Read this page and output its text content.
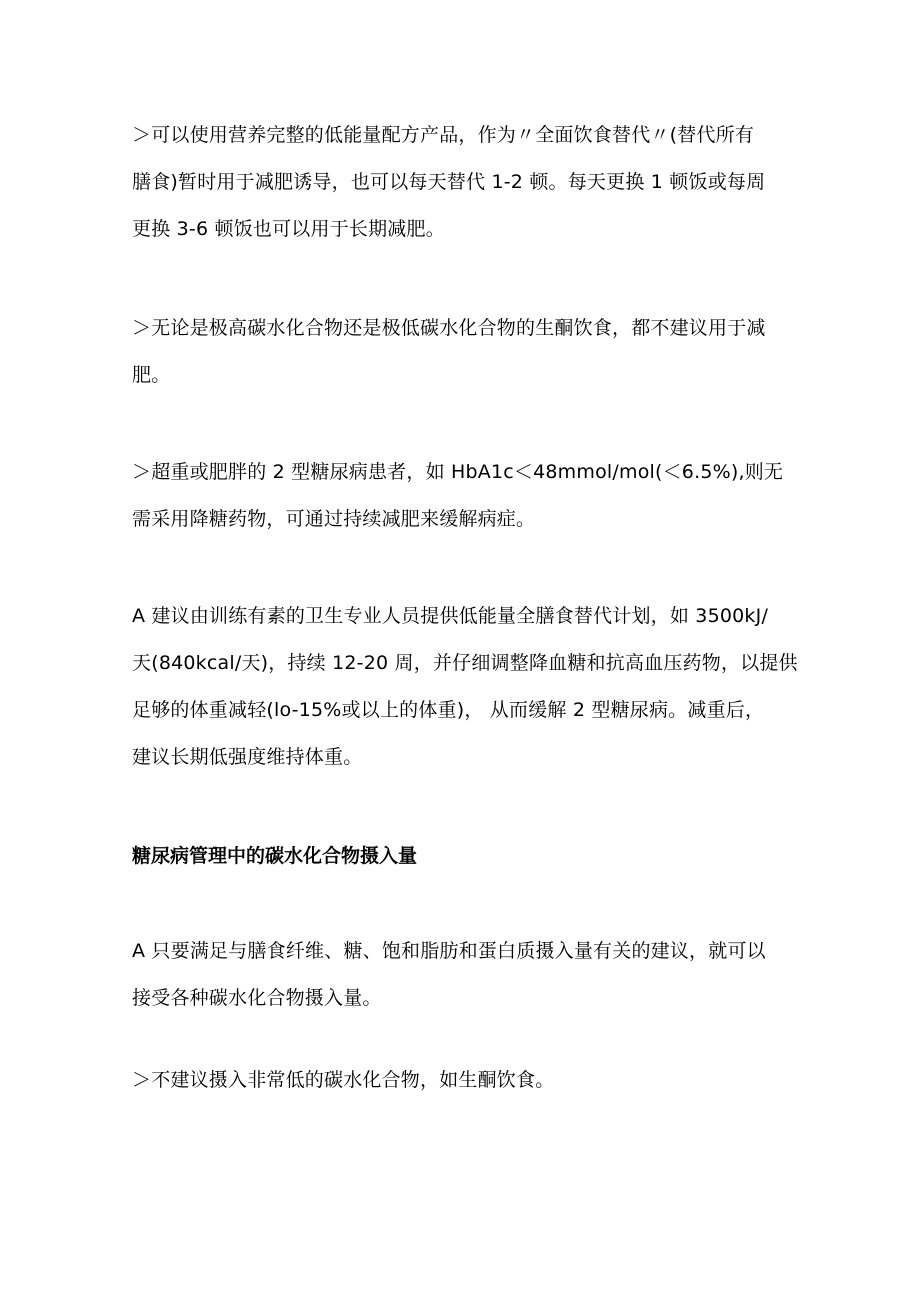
＞可以使用营养完整的低能量配方产品，作为〃全面饮食替代〃(替代所有
膳食)暂时用于减肥诱导，也可以每天替代 1-2 顿。每天更换 1 顿饭或每周
更换 3-6 顿饭也可以用于长期减肥。

＞无论是极高碳水化合物还是极低碳水化合物的生酮饮食，都不建议用于减
肥。

＞超重或肥胖的 2 型糖尿病患者，如 HbA1c＜48mmol/mol(＜6.5%),则无
需采用降糖药物，可通过持续减肥来缓解病症。

A 建议由训练有素的卫生专业人员提供低能量全膳食替代计划，如 3500kJ/
天(840kcal/天)，持续 12-20 周，并仔细调整降血糖和抗高血压药物，以提供
足够的体重减轻(lo-15%或以上的体重)， 从而缓解 2 型糖尿病。减重后，
建议长期低强度维持体重。

糖尿病管理中的碳水化合物摄入量

A 只要满足与膳食纤维、糖、饱和脂肪和蛋白质摄入量有关的建议，就可以
接受各种碳水化合物摄入量。

＞不建议摄入非常低的碳水化合物，如生酮饮食。
